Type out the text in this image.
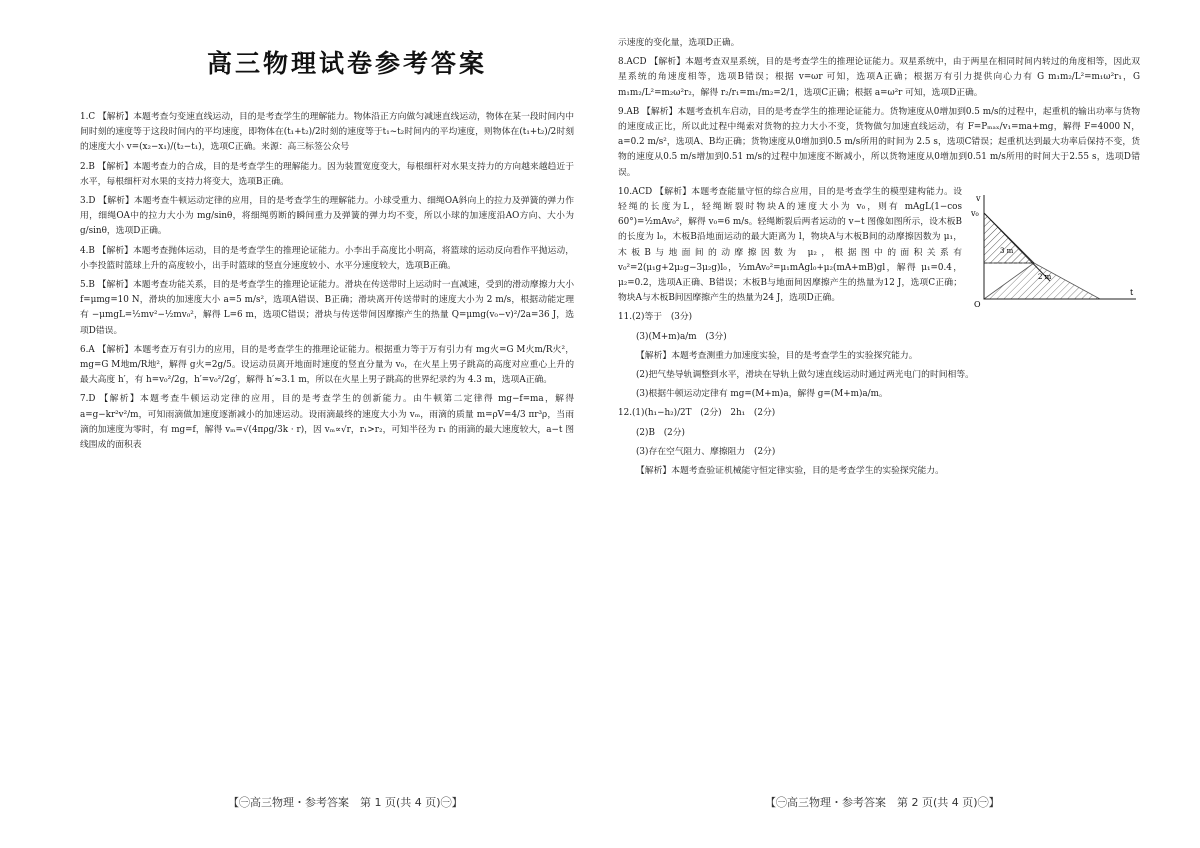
高三物理试卷参考答案

1.C 【解析】本题考查匀变速直线运动，目的是考查学生的理解能力。物体沿正方向做匀减速直线运动，物体在某一段时间内中间时刻的速度等于这段时间内的平均速度，即物体在(t₁+t₂)/2时刻的速度等于t₁~t₂时间内的平均速度，则物体在(t₁+t₂)/2时刻的速度大小 v=(x₂−x₁)/(t₂−t₁)，选项C正确。来源：高三标签公众号

2.B 【解析】本题考查力的合成，目的是考查学生的理解能力。因为装置宽度变大，每根细杆对水果支持力的方向越来越趋近于水平，每根细杆对水果的支持力将变大，选项B正确。

3.D 【解析】本题考查牛顿运动定律的应用，目的是考查学生的理解能力。小球受重力、细绳OA斜向上的拉力及弹簧的弹力作用，细绳OA中的拉力大小为 mg/sinθ，将细绳剪断的瞬间重力及弹簧的弹力均不变，所以小球的加速度沿AO方向、大小为 g/sinθ，选项D正确。

4.B 【解析】本题考查抛体运动，目的是考查学生的推理论证能力。小李出手高度比小明高，将篮球的运动反向看作平抛运动，小李投篮时篮球上升的高度较小，出手时篮球的竖直分速度较小、水平分速度较大，选项B正确。

5.B 【解析】本题考查功能关系，目的是考查学生的推理论证能力。滑块在传送带时上运动时一直减速，受到的滑动摩擦力大小 f=μmg=10 N，滑块的加速度大小 a=5 m/s²，选项A错误、B正确；滑块离开传送带时的速度大小为 2 m/s，根据动能定理有 −μmgL=½mv²−½mv₀²，解得 L=6 m，选项C错误；滑块与传送带间因摩擦产生的热量 Q=μmg(v₀−v)²/2a=36 J，选项D错误。

6.A 【解析】本题考查万有引力的应用，目的是考查学生的推理论证能力。根据重力等于万有引力有 mg火=G M火m/R火²，mg=G M地m/R地²，解得 g火=2g/5。设运动员离开地面时速度的竖直分量为 v₀，在火星上男子跳高的高度对应重心上升的最大高度 h′，有 h=v₀²/2g，h′=v₀²/2g′，解得 h′≈3.1 m，所以在火星上男子跳高的世界纪录约为 4.3 m，选项A正确。

7.D 【解析】本题考查牛顿运动定律的应用，目的是考查学生的创新能力。由牛顿第二定律得 mg−f=ma，解得 a=g−kr²v²/m，可知雨滴做加速度逐渐减小的加速运动。设雨滴最终的速度大小为 vₘ，雨滴的质量 m=ρV=4/3 πr³ρ，当雨滴的加速度为零时，有 mg=f，解得 vₘ=√(4πρg/3k · r)，因 vₘ∝√r，r₁>r₂，可知半径为 r₁ 的雨滴的最大速度较大，a−t 图线围成的面积表

【㊀高三物理・参考答案　第 1 页(共 4 页)㊀】

示速度的变化量，选项D正确。

8.ACD 【解析】本题考查双星系统，目的是考查学生的推理论证能力。双星系统中，由于两星在相同时间内转过的角度相等，因此双星系统的角速度相等，选项B错误；根据 v=ωr 可知，选项A正确；根据万有引力提供向心力有 G m₁m₂/L²=m₁ω²r₁，G m₁m₂/L²=m₂ω²r₂，解得 r₂/r₁=m₁/m₂=2/1，选项C正确；根据 a=ω²r 可知，选项D正确。

9.AB 【解析】本题考查机车启动，目的是考查学生的推理论证能力。货物速度从0增加到0.5 m/s的过程中，起重机的输出功率与货物的速度成正比，所以此过程中绳索对货物的拉力大小不变，货物做匀加速直线运动，有 F=Pₘₐₓ/v₁=ma+mg，解得 F=4000 N，a=0.2 m/s²，选项A、B均正确；货物速度从0增加到0.5 m/s所用的时间为 2.5 s，选项C错误；起重机达到最大功率后保持不变，货物的速度从0.5 m/s增加到0.51 m/s的过程中加速度不断减小，所以货物速度从0增加到0.51 m/s所用的时间大于2.55 s，选项D错误。

v
v₀
t
O
3 m
2 m

10.ACD 【解析】本题考查能量守恒的综合应用，目的是考查学生的模型建构能力。设轻绳的长度为L，轻绳断裂时物块A的速度大小为 v₀，则有 mAgL(1−cos 60°)=½mAv₀²，解得 v₀=6 m/s。轻绳断裂后两者运动的 v−t 图像如图所示，设木板B的长度为 l₀，木板B沿地面运动的最大距离为 l，物块A与木板B间的动摩擦因数为 μ₁，木板B与地面间的动摩擦因数为 μ₂，根据图中的面积关系有 v₀²=2(μ₁g+2μ₂g−3μ₂g)l₀，½mAv₀²=μ₁mAgl₀+μ₂(mA+mB)gl，解得 μ₁=0.4，μ₂=0.2，选项A正确、B错误；木板B与地面间因摩擦产生的热量为12 J，选项C正确；物块A与木板B间因摩擦产生的热量为24 J，选项D正确。

11.(2)等于　(3分)

(3)(M+m)a/m　(3分)

【解析】本题考查测重力加速度实验，目的是考查学生的实验探究能力。

(2)把气垫导轨调整到水平，滑块在导轨上做匀速直线运动时通过两光电门的时间相等。

(3)根据牛顿运动定律有 mg=(M+m)a，解得 g=(M+m)a/m。

12.(1)(h₁−h₂)/2T　(2分)　2h₁　(2分)

(2)B　(2分)

(3)存在空气阻力、摩擦阻力　(2分)

【解析】本题考查验证机械能守恒定律实验，目的是考查学生的实验探究能力。

【㊀高三物理・参考答案　第 2 页(共 4 页)㊀】
